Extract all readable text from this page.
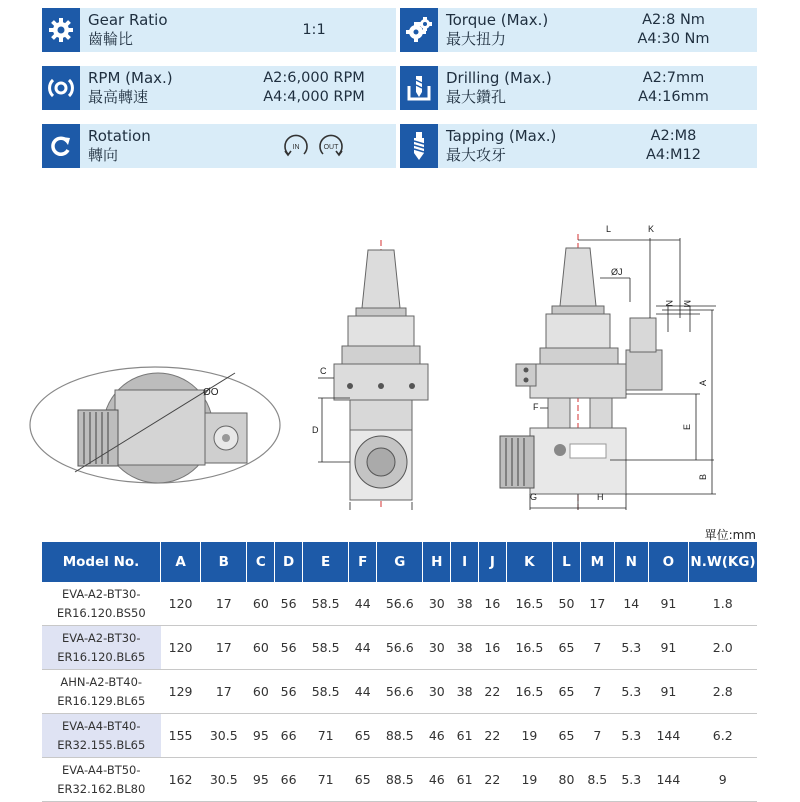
Gear Ratio
齒輪比
1:1
Torque (Max.)
最大扭力
A2:8 Nm
A4:30 Nm
RPM (Max.)
最高轉速
A2:6,000 RPM
A4:4,000 RPM
Drilling (Max.)
最大鑽孔
A2:7mm
A4:16mm
Rotation
轉向	IN	OUT
Tapping (Max.)
最大攻牙
A2:M8
A4:M12
ØO
C
D
L	K
ØJ
N M
A
E
F
B
G	H
單位:mm
Model No.	A	B	C	D	E	F	G	H	I	J	K	L	M	N	O	N.W(KG)

EVA-A2-BT30-
ER16.120.BS50	120	17	60	56	58.5	44	56.6	30	38	16	16.5	50	17	14	91	1.8

EVA-A2-BT30-
ER16.120.BL65	120	17	60	56	58.5	44	56.6	30	38	16	16.5	65	7	5.3	91	2.0

AHN-A2-BT40-
ER16.129.BL65	129	17	60	56	58.5	44	56.6	30	38	22	16.5	65	7	5.3	91	2.8

EVA-A4-BT40-
ER32.155.BL65	155	30.5	95	66	71	65	88.5	46	61	22	19	65	7	5.3	144	6.2

EVA-A4-BT50-
ER32.162.BL80	162	30.5	95	66	71	65	88.5	46	61	22	19	80	8.5	5.3	144	9
